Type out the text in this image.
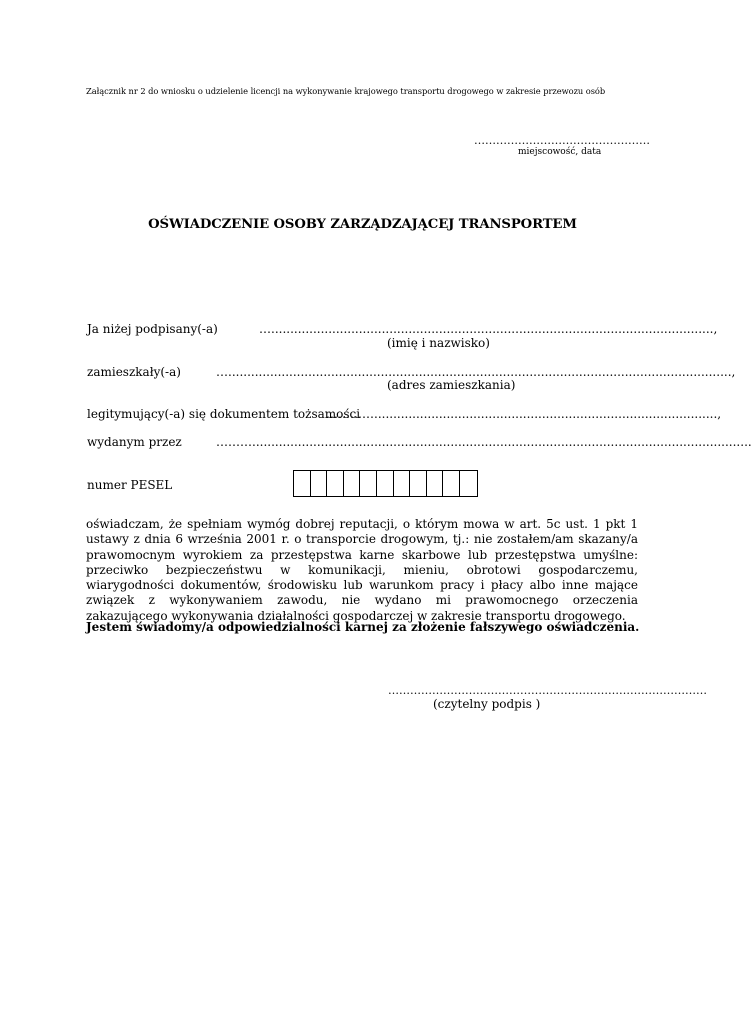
Załącznik nr 2 do wniosku o udzielenie licencji na wykonywanie krajowego transportu drogowego w zakresie przewozu osób
…………………………………………
miejscowość, data
OŚWIADCZENIE OSOBY ZARZĄDZAJĄCEJ TRANSPORTEM
Ja niżej podpisany(-a)	…....................................................................................................................,
(imię i nazwisko)
zamieszkały(-a)	…....................................................................................................................................,
(adres zamieszkania)
legitymujący(-a) się dokumentem tożsamości
…………..........................................................................................,
wydanym przez	………...................................................................................................................................
numer PESEL
oświadczam, że spełniam wymóg dobrej reputacji, o którym mowa w art. 5c ust. 1 pkt 1 ustawy z dnia 6 września 2001 r. o transporcie drogowym, tj.: nie zostałem/am skazany/a prawomocnym wyrokiem za przestępstwa karne skarbowe lub przestępstwa umyślne: przeciwko bezpieczeństwu w komunikacji, mieniu, obrotowi gospodarczemu, wiarygodności dokumentów, środowisku lub warunkom pracy i płacy albo inne mające związek z wykonywaniem zawodu, nie wydano mi prawomocnego orzeczenia zakazującego wykonywania działalności gospodarczej w zakresie transportu drogowego.
Jestem świadomy/a odpowiedzialności karnej za złożenie fałszywego oświadczenia.
……………………………………………………………………………
(czytelny podpis )
